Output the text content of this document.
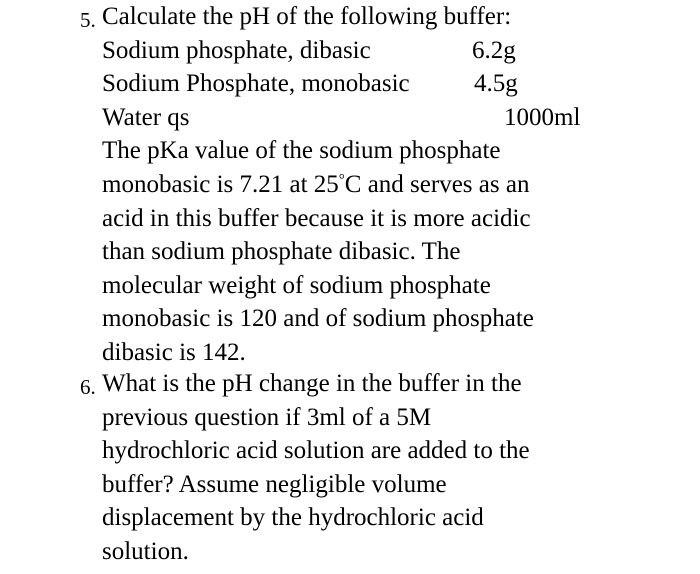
5. Calculate the pH of the following buffer:
Sodium phosphate, dibasic	6.2g
Sodium Phosphate, monobasic	4.5g
Water qs	1000ml
The pKa value of the sodium phosphate
monobasic is 7.21 at 25°C and serves as an
acid in this buffer because it is more acidic
than sodium phosphate dibasic. The
molecular weight of sodium phosphate
monobasic is 120 and of sodium phosphate
dibasic is 142.
6. What is the pH change in the buffer in the
previous question if 3ml of a 5M
hydrochloric acid solution are added to the
buffer? Assume negligible volume
displacement by the hydrochloric acid
solution.
